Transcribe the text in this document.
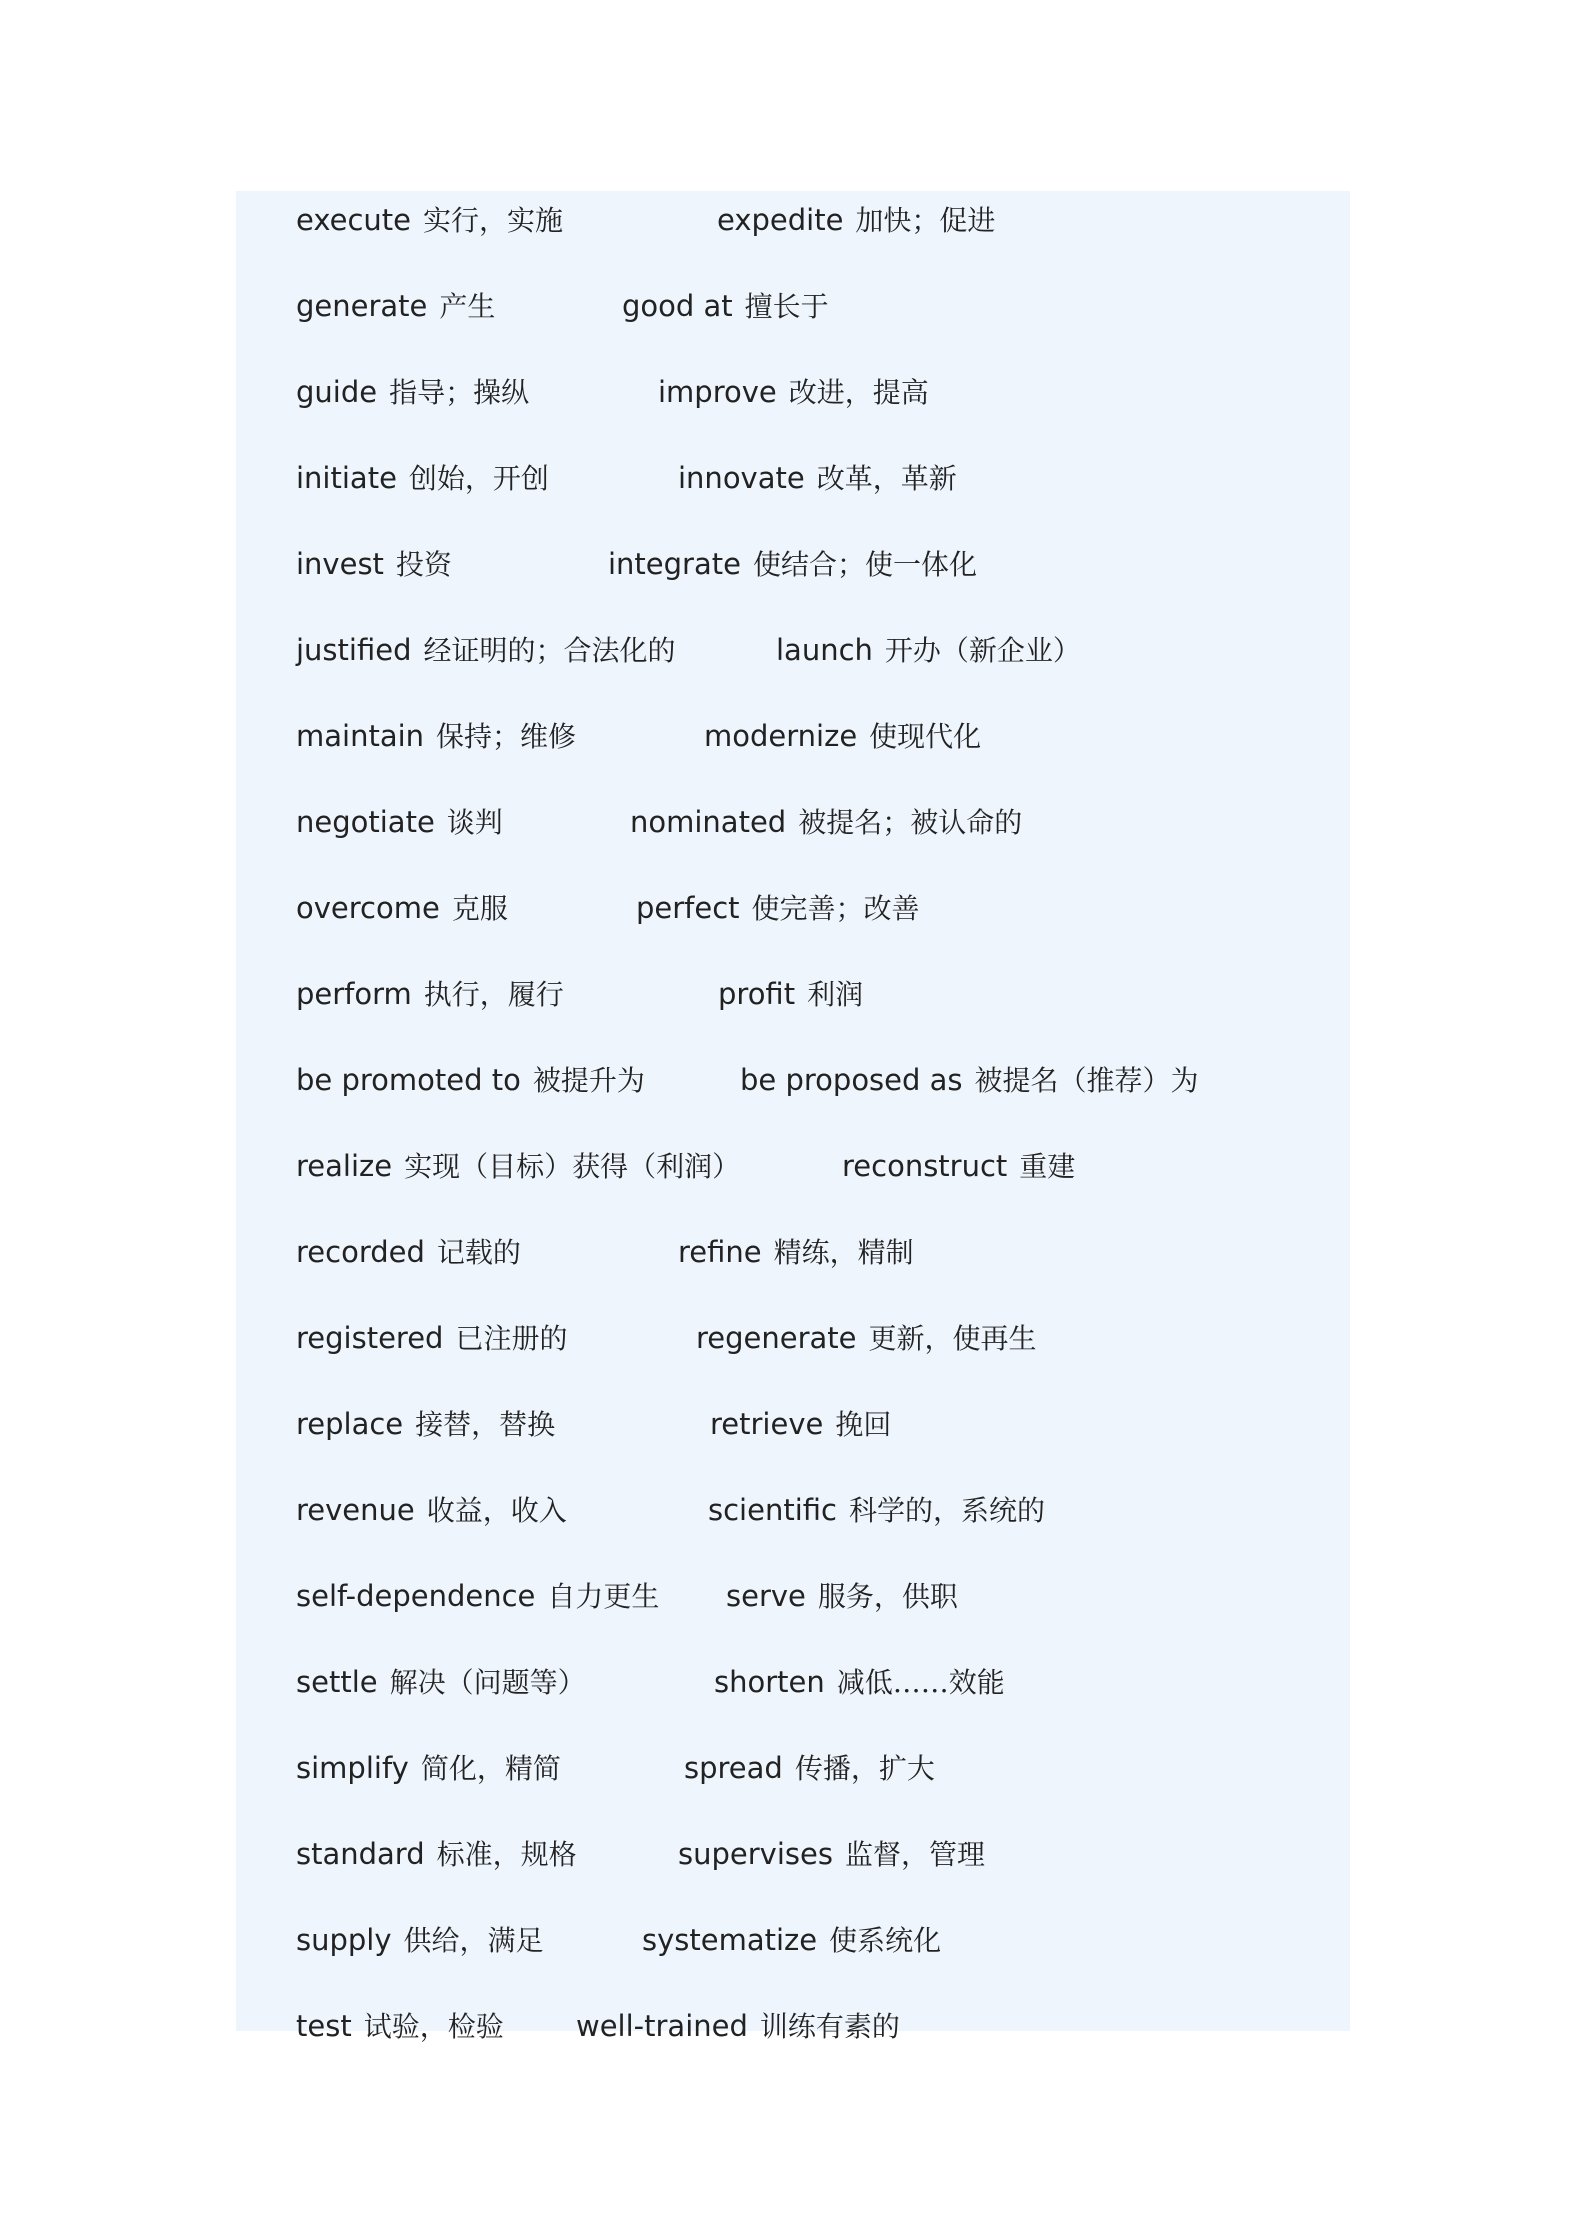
execute 实行，实施	expedite 加快；促进
generate 产生	good at 擅长于
guide 指导；操纵	improve 改进，提高
initiate 创始，开创	innovate 改革，革新
invest 投资	integrate 使结合；使一体化
justified 经证明的；合法化的	launch 开办（新企业）
maintain 保持；维修	modernize 使现代化
negotiate 谈判	nominated 被提名；被认命的
overcome 克服	perfect 使完善；改善
perform 执行，履行	profit 利润
be promoted to 被提升为	be proposed as 被提名（推荐）为
realize 实现（目标）获得（利润）	reconstruct 重建
recorded 记载的	refine 精练，精制
registered 已注册的	regenerate 更新，使再生
replace 接替，替换	retrieve 挽回
revenue 收益，收入	scientific 科学的，系统的
self-dependence 自力更生 serve 服务，供职
settle 解决（问题等）	shorten 减低……效能
simplify 简化，精简	spread 传播，扩大
standard 标准，规格	supervises 监督，管理
supply 供给，满足	systematize 使系统化
test 试验，检验 well-trained 训练有素的
